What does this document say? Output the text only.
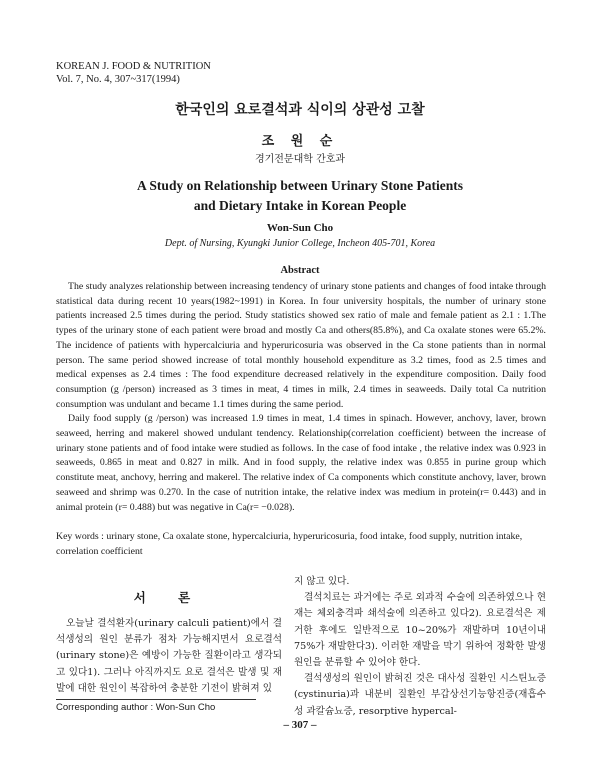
KOREAN J. FOOD & NUTRITION
Vol. 7, No. 4, 307~317(1994)
한국인의 요로결석과 식이의 상관성 고찰
조 원 순
경기전문대학 간호과
A Study on Relationship between Urinary Stone Patients
and Dietary Intake in Korean People
Won-Sun Cho
Dept. of Nursing, Kyungki Junior College, Incheon 405-701, Korea
Abstract

The study analyzes relationship between increasing tendency of urinary stone patients and changes of food intake through statistical data during recent 10 years(1982~1991) in Korea. In four university hospitals, the number of urinary stone patients increased 2.5 times during the period. Study statistics showed sex ratio of male and female patient as 2.1 : 1.The types of the urinary stone of each patient were broad and mostly Ca and others(85.8%), and Ca oxalate stones were 65.2%. The incidence of patients with hypercalciuria and hyperuricosuria was observed in the Ca stone patients than in normal person. The same period showed increase of total monthly household expenditure as 3.2 times, food as 2.5 times and medical expenses as 2.4 times : The food expenditure decreased relatively in the expenditure composition. Daily food consumption (g /person) increased as 3 times in meat, 4 times in milk, 2.4 times in seaweeds. Daily total Ca nutrition consumption was undulant and became 1.1 times during the same period.

Daily food supply (g /person) was increased 1.9 times in meat, 1.4 times in spinach. However, anchovy, laver, brown seaweed, herring and makerel showed undulant tendency. Relationship(correlation coefficient) between the increase of urinary stone patients and of food intake were studied as follows. In the case of food intake , the relative index was 0.923 in seaweeds, 0.865 in meat and 0.827 in milk. And in food supply, the relative index was 0.855 in purine group which constitute meat, anchovy, herring and makerel. The relative index of Ca components which constitute anchovy, laver, brown seaweed and shrimp was 0.270. In the case of nutrition intake, the relative index was medium in protein(r= 0.443) and in animal protein (r= 0.488) but was negative in Ca(r= −0.028).

Key words : urinary stone, Ca oxalate stone, hypercalciuria, hyperuricosuria, food intake, food supply, nutrition intake, correlation coefficient
서 론

오늘날 결석환자(urinary calculi patient)에서 결석생성의 원인 분류가 점차 가능해지면서 요로결석(urinary stone)은 예방이 가능한 질환이라고 생각되고 있다1). 그러나 아직까지도 요로 결석은 발생 및 재발에 대한 원인이 복잡하여 충분한 기전이 밝혀져 있

지 않고 있다.

결석치료는 과거에는 주로 외과적 수술에 의존하였으나 현재는 체외충격파 쇄석술에 의존하고 있다2). 요로결석은 제거한 후에도 일반적으로 10~20%가 재발하며 10년이내 75%가 재발한다3). 이러한 재발을 막기 위하여 정확한 발생원인을 분류할 수 있어야 한다.

결석생성의 원인이 밝혀진 것은 대사성 질환인 시스틴뇨증(cystinuria)과 내분비 질환인 부갑상선기능항진증(재흡수성 과칼슘뇨증, resorptive hypercal-

Corresponding author : Won-Sun Cho
– 307 –
